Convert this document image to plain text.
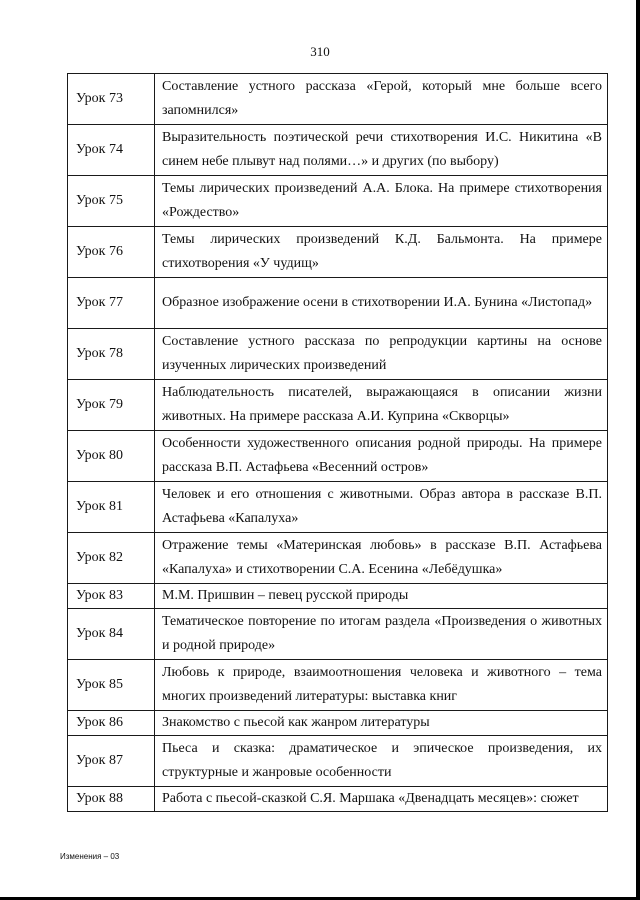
310
Урок 73	Составление устного рассказа «Герой, который мне больше всего запомнился»
Урок 74	Выразительность поэтической речи стихотворения И.С. Никитина «В синем небе плывут над полями…» и других (по выбору)
Урок 75	Темы лирических произведений А.А. Блока. На примере стихотворения «Рождество»
Урок 76	Темы лирических произведений К.Д. Бальмонта. На примере стихотворения «У чудищ»
Урок 77	Образное изображение осени в стихотворении И.А. Бунина «Листопад»
Урок 78	Составление устного рассказа по репродукции картины на основе изученных лирических произведений
Урок 79	Наблюдательность писателей, выражающаяся в описании жизни животных. На примере рассказа А.И. Куприна «Скворцы»
Урок 80	Особенности художественного описания родной природы. На примере рассказа В.П. Астафьева «Весенний остров»
Урок 81	Человек и его отношения с животными. Образ автора в рассказе В.П. Астафьева «Капалуха»
Урок 82	Отражение темы «Материнская любовь» в рассказе В.П. Астафьева «Капалуха» и стихотворении С.А. Есенина «Лебёдушка»
Урок 83	М.М. Пришвин – певец русской природы
Урок 84	Тематическое повторение по итогам раздела «Произведения о животных и родной природе»
Урок 85	Любовь к природе, взаимоотношения человека и животного – тема многих произведений литературы: выставка книг
Урок 86	Знакомство с пьесой как жанром литературы
Урок 87	Пьеса и сказка: драматическое и эпическое произведения, их структурные и жанровые особенности
Урок 88	Работа с пьесой-сказкой С.Я. Маршака «Двенадцать месяцев»: сюжет
Изменения – 03
